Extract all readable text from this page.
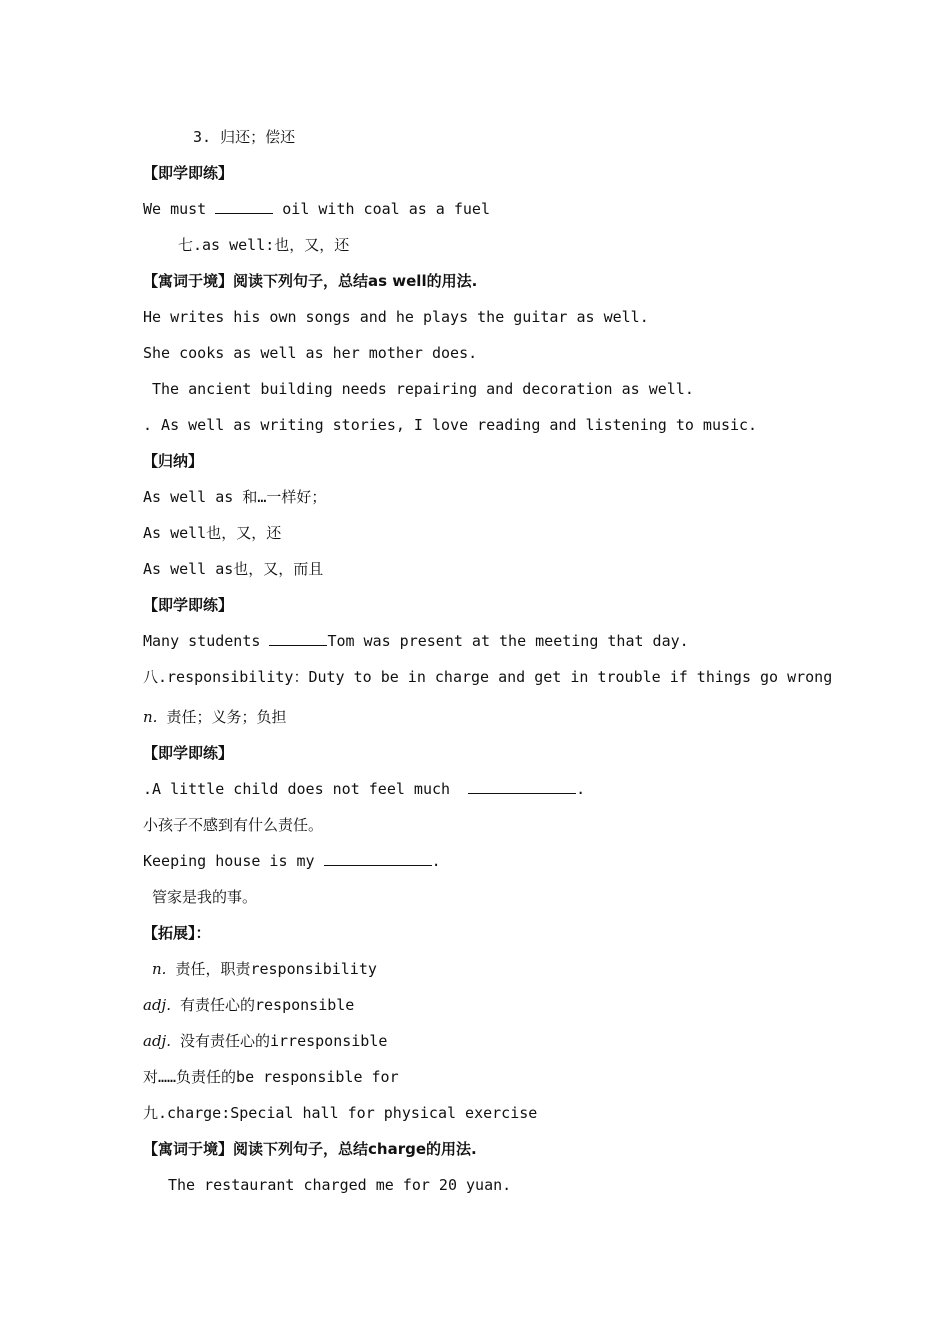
3. 归还；偿还
【即学即练】
We must	oil with coal as a fuel
七.as well:也，又，还
【寓词于境】阅读下列句子，总结as well的用法.
He writes his own songs and he plays the guitar as well.
She cooks as well as her mother does.
The ancient building needs repairing and decoration as well.
. As well as writing stories, I love reading and listening to music.
【归纳】
As well as 和…一样好；
As well也，又，还
As well as也，又，而且
【即学即练】
Many students	Tom was present at the meeting that day.
八.responsibility：Duty to be in charge and get in trouble if things go wrong
n. 责任；义务；负担
【即学即练】
.A little child does not feel much	.
小孩子不感到有什么责任。
Keeping house is my	.
管家是我的事。
【拓展】：
n. 责任，职责responsibility
adj. 有责任心的responsible
adj. 没有责任心的irresponsible
对……负责任的be responsible for
九.charge:Special hall for physical exercise
【寓词于境】阅读下列句子，总结charge的用法.
The restaurant charged me for 20 yuan.
